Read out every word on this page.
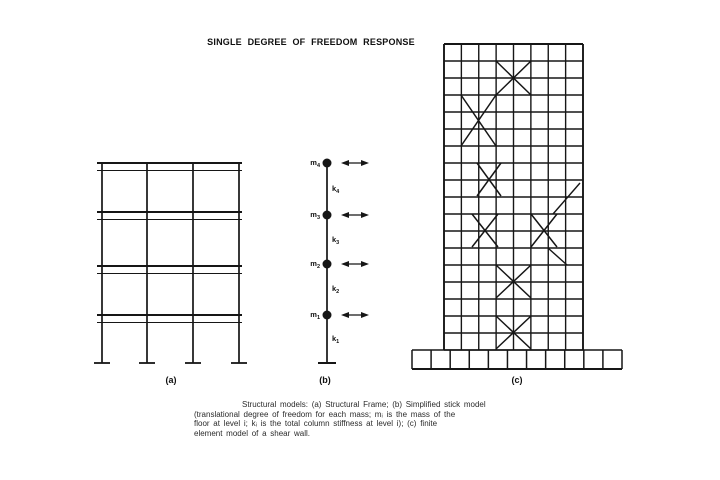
SINGLE DEGREE OF FREEDOM RESPONSE
(a)	(b)	(c)
$m_4$
$m_3$
$m_2$
$m_1$
$k_4$
$k_3$
$k_2$
$k_1$
Structural models: (a) Structural Frame; (b) Simplified stick model
(translational degree of freedom for each mass; mᵢ is the mass of the
floor at level i; kᵢ is the total column stiffness at level i); (c) finite
element model of a shear wall.
